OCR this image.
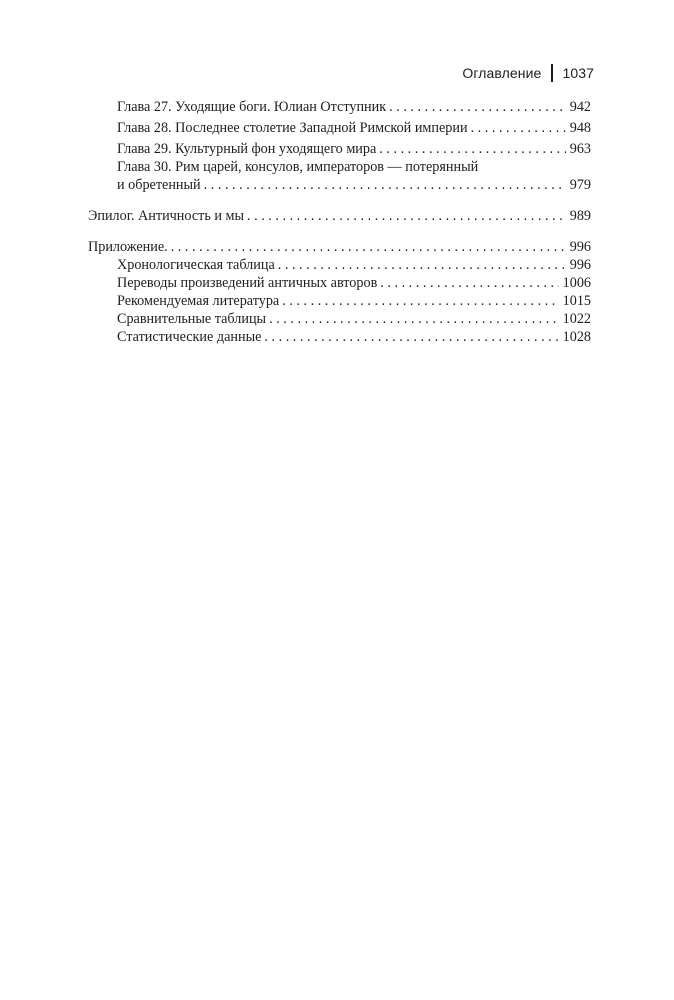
Оглавление 1037
Глава 27. Уходящие боги. Юлиан Отступник . . .	942
Глава 28. Последнее столетие Западной Римской империи . . .	948
Глава 29. Культурный фон уходящего мира . . .	963
Глава 30. Рим царей, консулов, императоров — потерянный
и обретенный . . .	979
Эпилог. Античность и мы . . .	989
Приложение. . . .	996
Хронологическая таблица . . .	996
Переводы произведений античных авторов . . .	1006
Рекомендуемая литература . . .	1015
Сравнительные таблицы . . .	1022
Статистические данные . . .	1028
